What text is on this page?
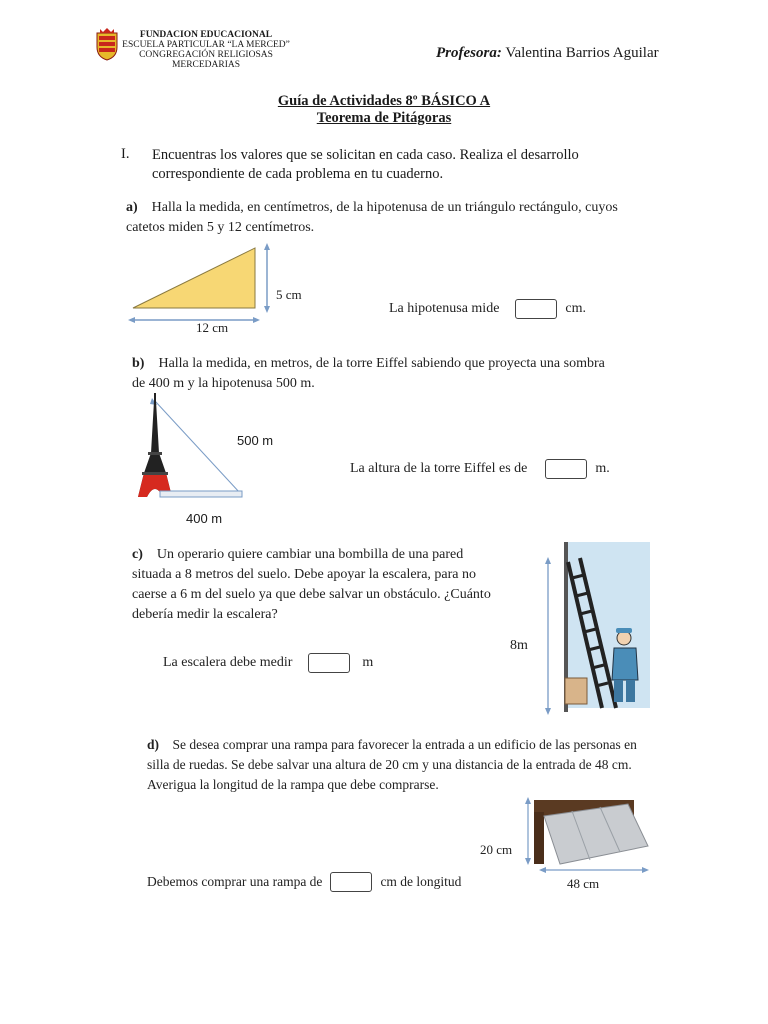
FUNDACION EDUCACIONAL
ESCUELA PARTICULAR “LA MERCED”
CONGREGACIÓN RELIGIOSAS
MERCEDARIAS
Profesora: Valentina Barrios Aguilar
Guía de Actividades 8º BÁSICO A
Teorema de Pitágoras
I. Encuentras los valores que se solicitan en cada caso. Realiza el desarrollo correspondiente de cada problema en tu cuaderno.
a) Halla la medida, en centímetros, de la hipotenusa de un triángulo rectángulo, cuyos catetos miden 5 y 12 centímetros.
5 cm
12 cm
La hipotenusa mide	cm.
b) Halla la medida, en metros, de la torre Eiffel sabiendo que proyecta una sombra de 400 m y la hipotenusa 500 m.
500 m
400 m
La altura de la torre Eiffel es de	m.
c) Un operario quiere cambiar una bombilla de una pared situada a 8 metros del suelo. Debe apoyar la escalera, para no caerse a 6 m del suelo ya que debe salvar un obstáculo. ¿Cuánto debería medir la escalera?
La escalera debe medir	m
8m
d) Se desea comprar una rampa para favorecer la entrada a un edificio de las personas en silla de ruedas. Se debe salvar una altura de 20 cm y una distancia de la entrada de 48 cm. Averigua la longitud de la rampa que debe comprarse.
Debemos comprar una rampa de	cm de longitud
20 cm
48 cm
